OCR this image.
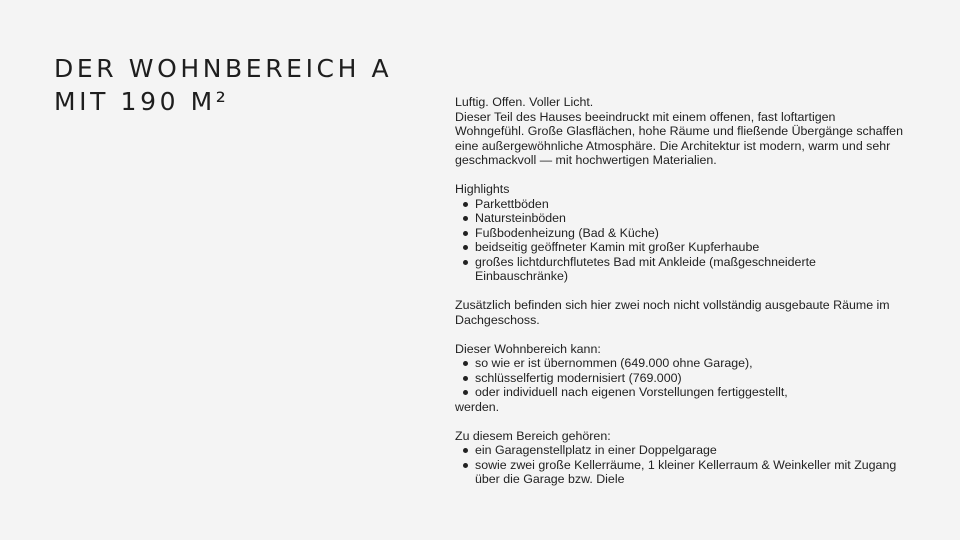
DER WOHNBEREICH A
MIT 190 M²	Luftig. Offen. Voller Licht.

Dieser Teil des Hauses beeindruckt mit einem offenen, fast loftartigen Wohngefühl. Große Glasflächen, hohe Räume und fließende Übergänge schaffen eine außergewöhnliche Atmosphäre. Die Architektur ist modern, warm und sehr geschmackvoll — mit hochwertigen Materialien.

Highlights

Parkettböden
Natursteinböden
Fußbodenheizung (Bad & Küche)
beidseitig geöffneter Kamin mit großer Kupferhaube
großes lichtdurchflutetes Bad mit Ankleide (maßgeschneiderte Einbauschränke)

Zusätzlich befinden sich hier zwei noch nicht vollständig ausgebaute Räume im Dachgeschoss.

Dieser Wohnbereich kann:

so wie er ist übernommen (649.000 ohne Garage),
schlüsselfertig modernisiert (769.000)
oder individuell nach eigenen Vorstellungen fertiggestellt,

werden.

Zu diesem Bereich gehören:

ein Garagenstellplatz in einer Doppelgarage
sowie zwei große Kellerräume, 1 kleiner Kellerraum & Weinkeller mit Zugang über die Garage bzw. Diele
